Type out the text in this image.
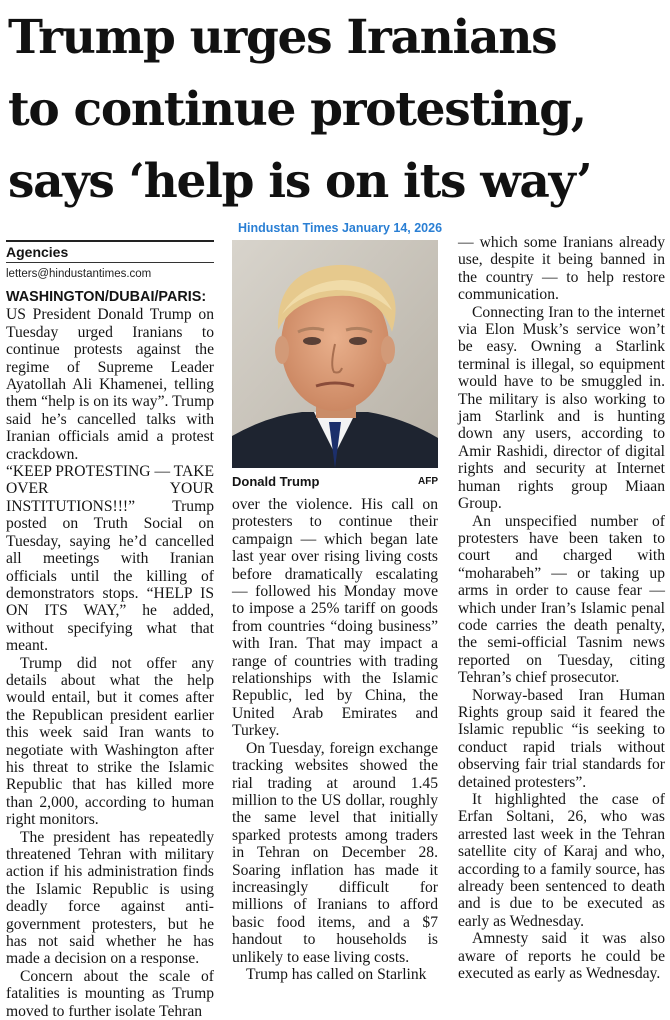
Trump urges Iranians
to continue protesting,
says ‘help is on its way’
Hindustan Times January 14, 2026
Agencies
letters@hindustantimes.com

WASHINGTON/DUBAI/PARIS: US President Donald Trump on Tuesday urged Iranians to continue protests against the regime of Supreme Leader Ayatollah Ali Khamenei, telling them “help is on its way”. Trump said he’s cancelled talks with Iranian officials amid a protest crackdown.

“KEEP PROTESTING — TAKE OVER YOUR INSTITUTIONS!!!” Trump posted on Truth Social on Tuesday, saying he’d cancelled all meetings with Iranian officials until the killing of demonstrators stops. “HELP IS ON ITS WAY,” he added, without specifying what that meant.

Trump did not offer any details about what the help would entail, but it comes after the Republican president earlier this week said Iran wants to negotiate with Washington after his threat to strike the Islamic Republic that has killed more than 2,000, according to human right monitors.

The president has repeatedly threatened Tehran with military action if his administration finds the Islamic Republic is using deadly force against anti-government protesters, but he has not said whether he has made a decision on a response.

Concern about the scale of fatalities is mounting as Trump moved to further isolate Tehran

Donald Trump	AFP

over the violence. His call on protesters to continue their campaign — which began late last year over rising living costs before dramatically escalating — followed his Monday move to impose a 25% tariff on goods from countries “doing business” with Iran. That may impact a range of countries with trading relationships with the Islamic Republic, led by China, the United Arab Emirates and Turkey.

On Tuesday, foreign exchange tracking websites showed the rial trading at around 1.45 million to the US dollar, roughly the same level that initially sparked protests among traders in Tehran on December 28. Soaring inflation has made it increasingly difficult for millions of Iranians to afford basic food items, and a $7 handout to households is unlikely to ease living costs.

Trump has called on Starlink

— which some Iranians already use, despite it being banned in the country — to help restore communication.

Connecting Iran to the internet via Elon Musk’s service won’t be easy. Owning a Starlink terminal is illegal, so equipment would have to be smuggled in. The military is also working to jam Starlink and is hunting down any users, according to Amir Rashidi, director of digital rights and security at Internet human rights group Miaan Group.

An unspecified number of protesters have been taken to court and charged with “moharabeh” — or taking up arms in order to cause fear — which under Iran’s Islamic penal code carries the death penalty, the semi-official Tasnim news reported on Tuesday, citing Tehran’s chief prosecutor.

Norway-based Iran Human Rights group said it feared the Islamic republic “is seeking to conduct rapid trials without observing fair trial standards for detained protesters”.

It highlighted the case of Erfan Soltani, 26, who was arrested last week in the Tehran satellite city of Karaj and who, according to a family source, has already been sentenced to death and is due to be executed as early as Wednesday.

Amnesty said it was also aware of reports he could be executed as early as Wednesday.
